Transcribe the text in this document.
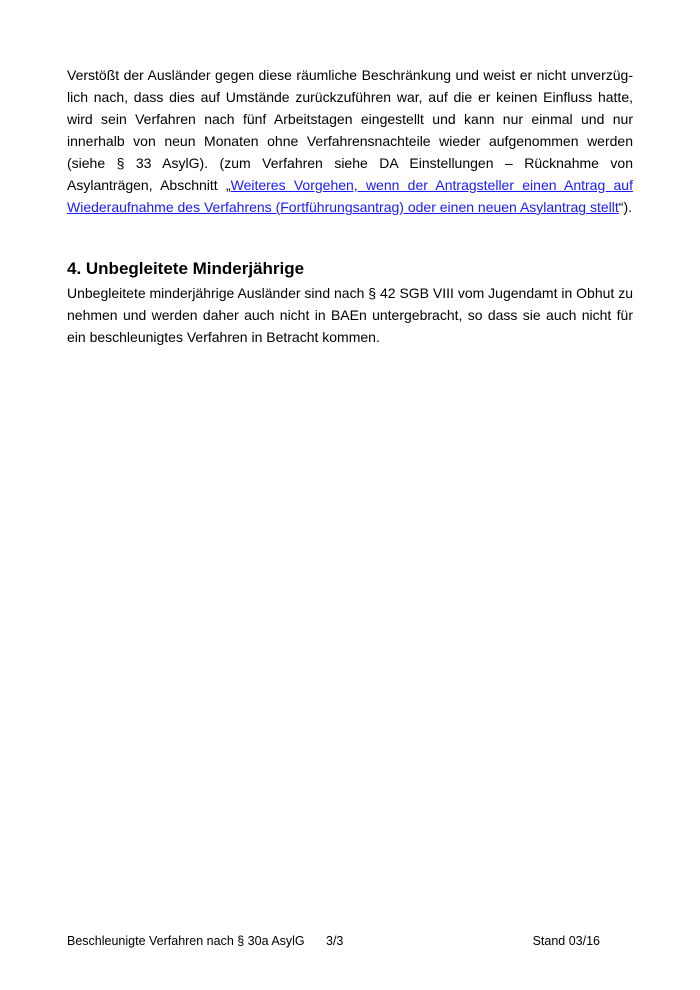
Verstößt der Ausländer gegen diese räumliche Beschränkung und weist er nicht unverzüglich nach, dass dies auf Umstände zurückzuführen war, auf die er keinen Einfluss hatte, wird sein Verfahren nach fünf Arbeitstagen eingestellt und kann nur einmal und nur innerhalb von neun Monaten ohne Verfahrensnachteile wieder aufgenommen werden (siehe § 33 AsylG). (zum Verfahren siehe DA Einstellungen – Rücknahme von Asylanträgen, Abschnitt „Weiteres Vorgehen, wenn der Antragsteller einen Antrag auf Wiederaufnahme des Verfahrens (Fortführungsantrag) oder einen neuen Asylantrag stellt“).

4. Unbegleitete Minderjährige

Unbegleitete minderjährige Ausländer sind nach § 42 SGB VIII vom Jugendamt in Obhut zu nehmen und werden daher auch nicht in BAEn untergebracht, so dass sie auch nicht für ein beschleunigtes Verfahren in Betracht kommen.

Beschleunigte Verfahren nach § 30a AsylG 3/3	Stand 03/16
